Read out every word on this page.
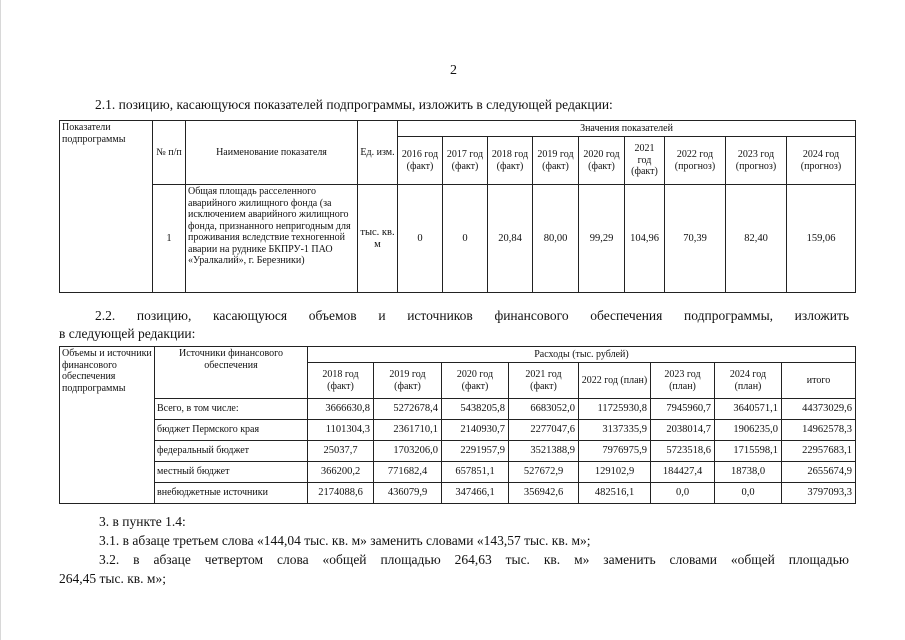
2
2.1. позицию, касающуюся показателей подпрограммы, изложить в следующей редакции:
Показатели подпрограммы	№ п/п	Наименование показателя	Ед. изм.	Значения показателей								
				2016 год (факт)	2017 год (факт)	2018 год (факт)	2019 год (факт)	2020 год (факт)	2021 год (факт)	2022 год (прогноз)	2023 год (прогноз)	2024 год (прогноз)
	1	Общая площадь расселенного аварийного жилищного фонда (за исключением аварийного жилищного фонда, признанного непригодным для проживания вследствие техногенной аварии на руднике БКПРУ-1 ПАО «Уралкалий», г. Березники)	тыс. кв. м	0	0	20,84	80,00	99,29	104,96	70,39	82,40	159,06
2.2. позицию, касающуюся объемов и источников финансового обеспечения подпрограммы, изложить
в следующей редакции:
Объемы и источники финансового обеспечения подпрограммы	Источники финансового обеспечения	Расходы (тыс. рублей)							
		2018 год (факт)	2019 год (факт)	2020 год (факт)	2021 год (факт)	2022 год (план)	2023 год (план)	2024 год (план)	итого
	Всего, в том числе:	3666630,8	5272678,4	5438205,8	6683052,0	11725930,8	7945960,7	3640571,1	44373029,6
	бюджет Пермского края	1101304,3	2361710,1	2140930,7	2277047,6	3137335,9	2038014,7	1906235,0	14962578,3
	федеральный бюджет	25037,7	1703206,0	2291957,9	3521388,9	7976975,9	5723518,6	1715598,1	22957683,1
	местный бюджет	366200,2	771682,4	657851,1	527672,9	129102,9	184427,4	18738,0	2655674,9
	внебюджетные источники	2174088,6	436079,9	347466,1	356942,6	482516,1	0,0	0,0	3797093,3
3. в пункте 1.4:
3.1. в абзаце третьем слова «144,04 тыс. кв. м» заменить словами «143,57 тыс. кв. м»;
3.2. в абзаце четвертом слова «общей площадью 264,63 тыс. кв. м» заменить словами «общей площадью
264,45 тыс. кв. м»;
